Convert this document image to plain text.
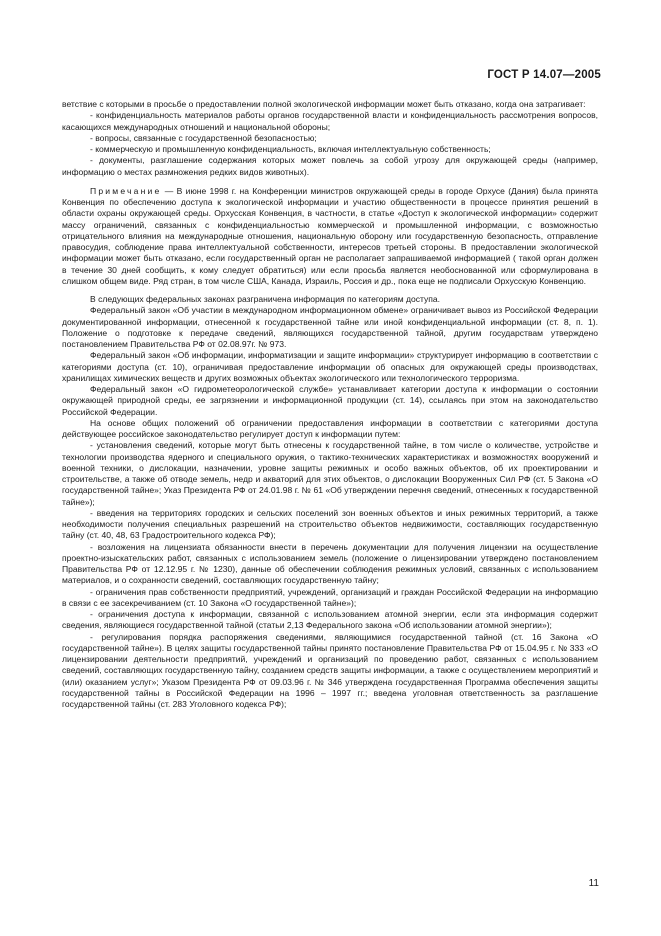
ГОСТ Р 14.07—2005

ветствие с которыми в просьбе о предоставлении полной экологической информации может быть отказано, когда она затрагивает:

- конфиденциальность материалов работы органов государственной власти и конфиденциальность рассмотрения вопросов, касающихся международных отношений и национальной обороны;

- вопросы, связанные с государственной безопасностью;

- коммерческую и промышленную конфиденциальность, включая интеллектуальную собственность;

- документы, разглашение содержания которых может повлечь за собой угрозу для окружающей среды (например, информацию о местах размножения редких видов животных).

Примечание — В июне 1998 г. на Конференции министров окружающей среды в городе Орхусе (Дания) была принята Конвенция по обеспечению доступа к экологической информации и участию общественности в процессе принятия решений в области охраны окружающей среды. Орхусская Конвенция, в частности, в статье «Доступ к экологической информации» содержит массу ограничений, связанных с конфиденциальностью коммерческой и промышленной информации, с возможностью отрицательного влияния на международные отношения, национальную оборону или государственную безопасность, отправление правосудия, соблюдение права интеллектуальной собственности, интересов третьей стороны. В предоставлении экологической информации может быть отказано, если государственный орган не располагает запрашиваемой информацией ( такой орган должен в течение 30 дней сообщить, к кому следует обратиться) или если просьба является необоснованной или сформулирована в слишком общем виде. Ряд стран, в том числе США, Канада, Израиль, Россия и др., пока еще не подписали Орхусскую Конвенцию.

В следующих федеральных законах разграничена информация по категориям доступа.

Федеральный закон «Об участии в международном информационном обмене» ограничивает вывоз из Российской Федерации документированной информации, отнесенной к государственной тайне или иной конфиденциальной информации (ст. 8, п. 1). Положение о подготовке к передаче сведений, являющихся государственной тайной, другим государствам утверждено постановлением Правительства РФ от 02.08.97г. № 973.

Федеральный закон «Об информации, информатизации и защите информации» структурирует информацию в соответствии с категориями доступа (ст. 10), ограничивая предоставление информации об опасных для окружающей среды производствах, хранилищах химических веществ и других возможных объектах экологического или технологического терроризма.

Федеральный закон «О гидрометеорологической службе» устанавливает категории доступа к информации о состоянии окружающей природной среды, ее загрязнении и информационной продукции (ст. 14), ссылаясь при этом на законодательство Российской Федерации.

На основе общих положений об ограничении предоставления информации в соответствии с категориями доступа действующее российское законодательство регулирует доступ к информации путем:

- установления сведений, которые могут быть отнесены к государственной тайне, в том числе о количестве, устройстве и технологии производства ядерного и специального оружия, о тактико-технических характеристиках и возможностях вооружений и военной техники, о дислокации, назначении, уровне защиты режимных и особо важных объектов, об их проектировании и строительстве, а также об отводе земель, недр и акваторий для этих объектов, о дислокации Вооруженных Сил РФ (ст. 5 Закона «О государственной тайне»; Указ Президента РФ от 24.01.98 г. № 61 «Об утверждении перечня сведений, отнесенных к государственной тайне»);

- введения на территориях городских и сельских поселений зон военных объектов и иных режимных территорий, а также необходимости получения специальных разрешений на строительство объектов недвижимости, составляющих государственную тайну (ст. 40, 48, 63 Градостроительного кодекса РФ);

- возложения на лицензиата обязанности внести в перечень документации для получения лицензии на осуществление проектно-изыскательских работ, связанных с использованием земель (положение о лицензировании утверждено постановлением Правительства РФ от 12.12.95 г. № 1230), данные об обеспечении соблюдения режимных условий, связанных с использованием материалов, и о сохранности сведений, составляющих государственную тайну;

- ограничения прав собственности предприятий, учреждений, организаций и граждан Российской Федерации на информацию в связи с ее засекречиванием (ст. 10 Закона «О государственной тайне»);

- ограничения доступа к информации, связанной с использованием атомной энергии, если эта информация содержит сведения, являющиеся государственной тайной (статьи 2,13 Федерального закона «Об использовании атомной энергии»);

- регулирования порядка распоряжения сведениями, являющимися государственной тайной (ст. 16 Закона «О государственной тайне»). В целях защиты государственной тайны принято постановление Правительства РФ от 15.04.95 г. № 333 «О лицензировании деятельности предприятий, учреждений и организаций по проведению работ, связанных с использованием сведений, составляющих государственную тайну, созданием средств защиты информации, а также с осуществлением мероприятий и (или) оказанием услуг»; Указом Президента РФ от 09.03.96 г. № 346 утверждена государственная Программа обеспечения защиты государственной тайны в Российской Федерации на 1996 – 1997 гг.; введена уголовная ответственность за разглашение государственной тайны (ст. 283 Уголовного кодекса РФ);

11
